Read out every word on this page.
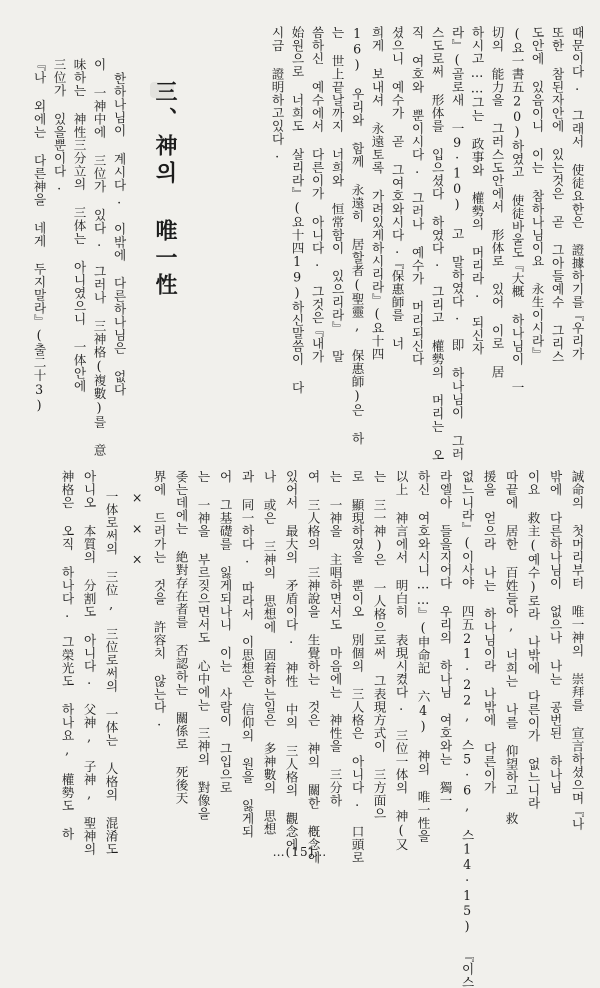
때문이다. 그래서 使徒요한은 證據하기를『우리가
또한 참된자안에 있는것은 곧 그아들예수 그리스
도안에 있음이니 이는 참하나님이요 永生이시라』
(요一書五20)하였고 使徒바울도『大概 하나님이 一
切의 能力을 그러스도안에서 形体로 있어 이로 居
하시고……그는 政事와 權勢의 머리라. 되신자
라』(골로새 一9·10) 고 말하였다. 即 하나님이 그러
스도로써 形体를 입으셨다 하였다. 그리고 權勢의 머리는 오
직 여호와 뿐이시다. 그러나 예수가 머리되신다
셨으니 예수가 곧 그여호와시다.『保惠師를 너
희게 보내셔 永遠토록 가려있게하시리라』(요十四
16) 우리와 함께 永遠히 居할者(聖靈, 保惠師)은 하
는 世上끝날까지 너희와 恒常함이 있으리라』 말
씀하신 예수에서 다른이가 아니다. 그것은『내가
始원으로 너희도 살리라』(요十四19)하신말씀이 다
시금 證明하고있다.
三、神의 唯一性
한하나님이 계시다. 이밖에 다른하나님은 없다
이 一神中에 三位가 있다. 그러나 三神格(複數)를 意
味하는 神性三分立의 三体는 아니였으니 一体안에
三位가 있을뿐이다.
『나 외에는 다른神을 네게 두지말라』(출二十3)
誠命의 첫머리부터 唯一神의 崇拜를 宣言하셨으며『나
밖에 다른하나님이 없으나 나는 공번된 하나님
이요 救主(예수)로라 나밖에 다른이가 없느니라
따끝에 居한 百姓들아, 너희는 나를 仰望하고 救
援을 얻으라 나는 하나님이라 나밖에 다른이가
없느니라』(이사야 四五21·22, 스5·6, 스14·15) 『이스
라엘아 들을지어다 우리의 하나님 여호와는 獨一
하신 여호와시니……』(申命記 六4) 神의 唯一性을
以上 神言에서 明白히 表現시켰다. 三位一体의 神(又
는 三一神)은 一人格으로써 그表現方式이 三方面으
로 顯現하였을 뿐이오 別個의 三人格은 아니다. 口頭로
는 一神을 主唱하면서도 마음에는 神性을 三分하
여 三人格의 三神說을 生覺하는 것은 神의 關한 槪念에
있어서 最大의 矛盾이다. 神性 中의 三人格의 觀念에
나 或은 三神의 思想에 固着하는일은 多神數의 思想
과 同一하다. 따라서 이思想은 信仰의 원을 잃게되
어 그基礎를 잃게되나니 이는 사람이 그입으로
는 一神을 부르짖으면서도 心中에는 三神의 對像을
좆는데에는 絶對存在者를 否認하는 關係로 死後天
界에 드러가는 것을 許容치 않는다.
× × ×
一体로써의 三位, 三位로써의 一体는 人格의 混淆도
아니오 本質의 分割도 아니다. 父神, 子神, 聖神의
神格은 오직 하나다. 그榮光도 하나요, 權勢도 하
…(15)…
